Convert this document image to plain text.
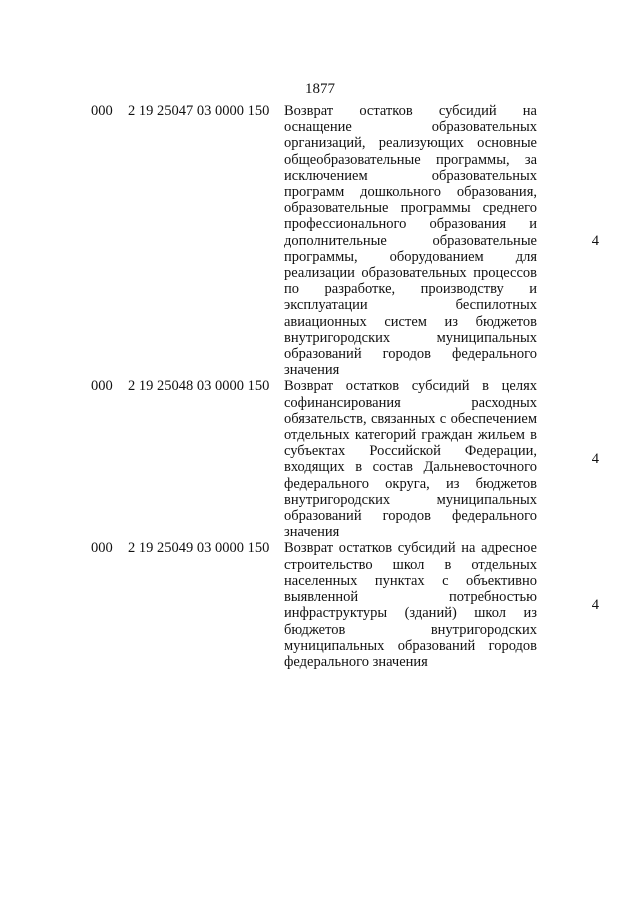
1877
000 2 19 25047 03 0000 150 Возврат остатков субсидий на оснащение образовательных организаций, реализующих основные общеобразовательные программы, за исключением образовательных программ дошкольного образования, образовательные программы среднего профессионального образования и дополнительные образовательные программы, оборудованием для реализации образовательных процессов по разработке, производству и эксплуатации беспилотных авиационных систем из бюджетов внутригородских муниципальных образований городов федерального значения
4
000 2 19 25048 03 0000 150 Возврат остатков субсидий в целях софинансирования расходных обязательств, связанных с обеспечением отдельных категорий граждан жильем в субъектах Российской Федерации, входящих в состав Дальневосточного федерального округа, из бюджетов внутригородских муниципальных образований городов федерального значения
4
000 2 19 25049 03 0000 150 Возврат остатков субсидий на адресное строительство школ в отдельных населенных пунктах с объективно выявленной потребностью инфраструктуры (зданий) школ из бюджетов внутригородских муниципальных образований городов федерального значения
4
